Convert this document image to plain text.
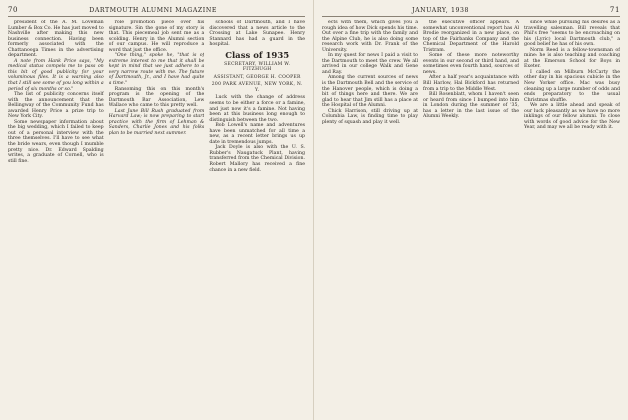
70	DARTMOUTH ALUMNI MAGAZINE

president of the A. M. Loveman Lumber & Box Co. He has just moved to Nashville after making this new business connection. Having been formerly associated with the Chattanooga Times in the advertising department.

A note from Hank Price says, "My medical status compels me to pass on this bit of good publicity for your voluminous files. It is a warning also that I still see some of you long within a period of six months or so."

The list of publicity concerns itself with the announcement that the Bellingway of the Community Fund has awarded Henry Price a prize trip to New York City.

Some newspaper information about the big wedding, which I failed to keep out of a personal interview with the three themselves. I'll have to see what the bride wears, even though I mumble pretty nice. Dr. Edward Spalding writes, a graduate of Cornell, who is still fine.

role promotion piece over his signature. Sin the gone of my story is that. This piecemeal job sent me as a scolding. Henry in the Alumni section of our campus. He will reproduce a word that just the office.

"One thing," spoke he, "that is of extreme interest to me that it shall be kept in mind that we just adhere to a very narrow route with me. The future of Dartmouth, Jr., and I have had quite a time."

Ransoming this on this month's program is the opening of the Dartmouth Bar Association, Lew Wallace who came to this pretty well.

Last June Bill Rush graduated from Harvard Law; is now preparing to start practice with the firm of Lehman & Sanders, Charlie Jones and his folks plan to be married next summer.

schools of Dartmouth, and I have discovered that a news article to the Crossing at Lake Sunapee. Henry Stannard has had a guard in the hospital.

Class of 1935

SECRETARY, WILLIAM W. FITZHUGH

ASSISTANT, GEORGE H. COOPER

200 PARK AVENUE, NEW YORK, N. Y.

Luck with the change of address seems to be either a force or a famine, and just now it's a famine. Not having been at this business long enough to distinguish between the two.

Bob Lowell's name and adventures have been unmatched for all time a new, as a recent letter brings us up date in tremendous jumps.

Jack Doyle is also with the U. S. Rubber's Naugatuck Plant, having transferred from the Chemical Division. Robert Mallory has received a fine chance in a new field.

JANUARY, 1938	71

ects with them, which gives you a rough idea of how Dick spends his time. Out over a fine trip with the family and the Alpine Club, he is also doing some research work with Dr. Frank of the University.

In my quest for news I paid a visit to the Dartmouth to meet the crew. We all arrived in our college Walk and Gene and Ray.

Among the current sources of news is the Dartmouth Bell and the service of the Hanover people, which is doing a bit of things here and there. We are glad to hear that Jim still has a place at the Hospital of the Alumni.

Chick Harrison, still driving up at Columbia Law, is finding time to play plenty of squash and play it well.

the executive officer appears. A somewhat unconventional report has Al Brodie reorganized in a new place, on top of the Fairbanks Company and the Chemical Department of the Harold Tristram.

Some of these more noteworthy events in our second or third hand, and sometimes even fourth hand, sources of news.

After a half year's acquaintance with Bill Harlow, Hal Bickford has returned from a trip to the Middle West.

Bill Rosenblatt, whom I haven't seen or heard from since I bumped into him in London during the summer of '35, has a letter in the last issue of the Alumni Weekly.

since while pursuing his desires as a travelling salesman. Bill reveals that Phil's free "seems to be encroaching on his (Lyric) local Dartmouth club," a good belief he has of his own.

Norm Reed is a fellow-townsman of mine: he is also teaching and coaching at the Emerson School for Boys in Exeter.

I called on Milburn McCarty the other day in his spacious cubicle in the New Yorker office. Mac was busy cleaning up a large number of odds and ends preparatory to the usual Christmas shuffle.

We are a little ahead and speak of our luck pleasantly as we have no more inklings of our fellow alumni. To close with words of good advice for the New Year, and may we all be ready with it.
